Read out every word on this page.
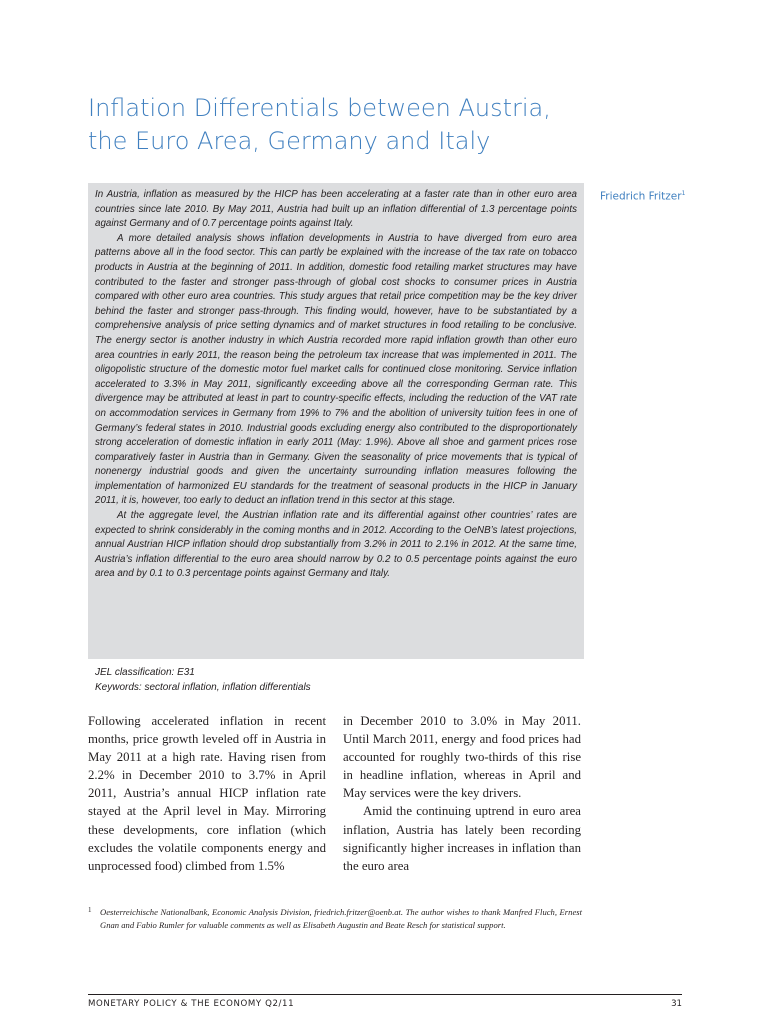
Inflation Differentials between Austria,
the Euro Area, Germany and Italy
Friedrich Fritzer$^1$

In Austria, inflation as measured by the HICP has been accelerating at a faster rate than in other euro area countries since late 2010. By May 2011, Austria had built up an inflation differential of 1.3 percentage points against Germany and of 0.7 percentage points against Italy.

A more detailed analysis shows inflation developments in Austria to have diverged from euro area patterns above all in the food sector. This can partly be explained with the increase of the tax rate on tobacco products in Austria at the beginning of 2011. In addition, domestic food retailing market structures may have contributed to the faster and stronger pass-through of global cost shocks to consumer prices in Austria compared with other euro area countries. This study argues that retail price competition may be the key driver behind the faster and stronger pass-through. This finding would, however, have to be substantiated by a comprehensive analysis of price setting dynamics and of market structures in food retailing to be conclusive. The energy sector is another industry in which Austria recorded more rapid inflation growth than other euro area countries in early 2011, the reason being the petroleum tax increase that was implemented in 2011. The oligopolistic structure of the domestic motor fuel market calls for continued close monitoring. Service inflation accelerated to 3.3% in May 2011, significantly exceeding above all the corresponding German rate. This divergence may be attributed at least in part to country-specific effects, including the reduction of the VAT rate on accommodation services in Germany from 19% to 7% and the abolition of university tuition fees in one of Germany’s federal states in 2010. Industrial goods excluding energy also contributed to the disproportionately strong acceleration of domestic inflation in early 2011 (May: 1.9%). Above all shoe and garment prices rose comparatively faster in Austria than in Germany. Given the seasonality of price movements that is typical of nonenergy industrial goods and given the uncertainty surrounding inflation measures following the implementation of harmonized EU standards for the treatment of seasonal products in the HICP in January 2011, it is, however, too early to deduct an inflation trend in this sector at this stage.

At the aggregate level, the Austrian inflation rate and its differential against other countries’ rates are expected to shrink considerably in the coming months and in 2012. According to the OeNB’s latest projections, annual Austrian HICP inflation should drop substantially from 3.2% in 2011 to 2.1% in 2012. At the same time, Austria’s inflation differential to the euro area should narrow by 0.2 to 0.5 percentage points against the euro area and by 0.1 to 0.3 percentage points against Germany and Italy.

JEL classification: E31
Keywords: sectoral inflation, inflation differentials

Following accelerated inflation in recent months, price growth leveled off in Austria in May 2011 at a high rate. Having risen from 2.2% in December 2010 to 3.7% in April 2011, Austria’s annual HICP inflation rate stayed at the April level in May. Mirroring these developments, core inflation (which excludes the volatile components energy and unprocessed food) climbed from 1.5%

in December 2010 to 3.0% in May 2011. Until March 2011, energy and food prices had accounted for roughly two-thirds of this rise in headline inflation, whereas in April and May services were the key drivers.

Amid the continuing uptrend in euro area inflation, Austria has lately been recording significantly higher increases in inflation than the euro area

1 Oesterreichische Nationalbank, Economic Analysis Division, friedrich.fritzer@oenb.at. The author wishes to thank Manfred Fluch, Ernest Gnan and Fabio Rumler for valuable comments as well as Elisabeth Augustin and Beate Resch for statistical support.
MONETARY POLICY & THE ECONOMY Q2/11	31
